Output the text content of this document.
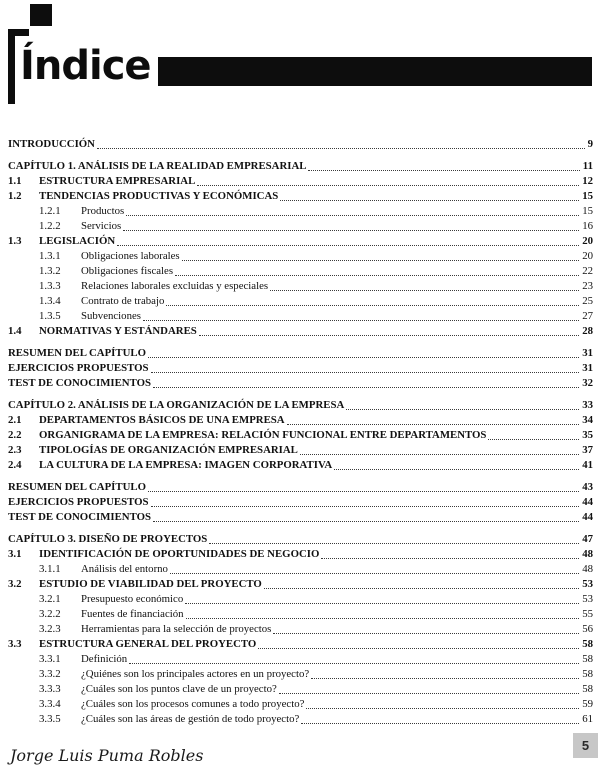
Índice
INTRODUCCIÓN	9
CAPÍTULO 1. ANÁLISIS DE LA REALIDAD EMPRESARIAL	11
1.1	ESTRUCTURA EMPRESARIAL	12
1.2	TENDENCIAS PRODUCTIVAS Y ECONÓMICAS	15
1.2.1	Productos	15
1.2.2	Servicios	16
1.3	LEGISLACIÓN	20
1.3.1	Obligaciones laborales	20
1.3.2	Obligaciones fiscales	22
1.3.3	Relaciones laborales excluidas y especiales	23
1.3.4	Contrato de trabajo	25
1.3.5	Subvenciones	27
1.4	NORMATIVAS Y ESTÁNDARES	28
RESUMEN DEL CAPÍTULO	31
EJERCICIOS PROPUESTOS	31
TEST DE CONOCIMIENTOS	32
CAPÍTULO 2. ANÁLISIS DE LA ORGANIZACIÓN DE LA EMPRESA	33
2.1	DEPARTAMENTOS BÁSICOS DE UNA EMPRESA	34
2.2	ORGANIGRAMA DE LA EMPRESA: RELACIÓN FUNCIONAL ENTRE DEPARTAMENTOS	35
2.3	TIPOLOGÍAS DE ORGANIZACIÓN EMPRESARIAL	37
2.4	LA CULTURA DE LA EMPRESA: IMAGEN CORPORATIVA	41
RESUMEN DEL CAPÍTULO	43
EJERCICIOS PROPUESTOS	44
TEST DE CONOCIMIENTOS	44
CAPÍTULO 3. DISEÑO DE PROYECTOS	47
3.1	IDENTIFICACIÓN DE OPORTUNIDADES DE NEGOCIO	48
3.1.1	Análisis del entorno	48
3.2	ESTUDIO DE VIABILIDAD DEL PROYECTO	53
3.2.1	Presupuesto económico	53
3.2.2	Fuentes de financiación	55
3.2.3	Herramientas para la selección de proyectos	56
3.3	ESTRUCTURA GENERAL DEL PROYECTO	58
3.3.1	Definición	58
3.3.2	¿Quiénes son los principales actores en un proyecto?	58
3.3.3	¿Cuáles son los puntos clave de un proyecto?	58
3.3.4	¿Cuáles son los procesos comunes a todo proyecto?	59
3.3.5	¿Cuáles son las áreas de gestión de todo proyecto?	61
Jorge Luis Puma Robles
5
